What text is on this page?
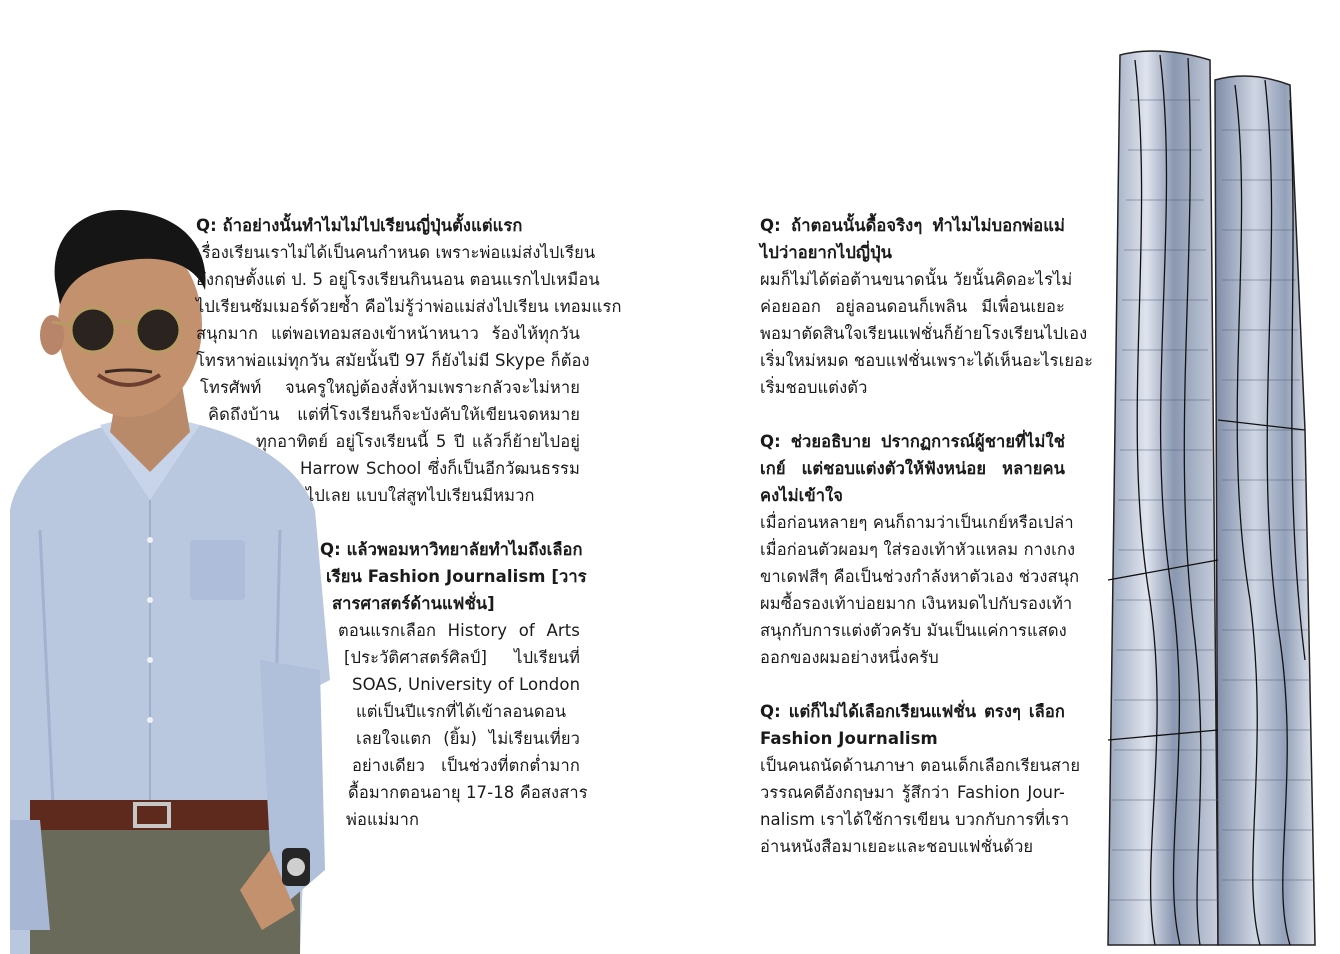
Q: ถ้าอย่างนั้นทำไมไม่ไปเรียนญี่ปุ่นตั้งแต่แรก
เรื่องเรียนเราไม่ได้เป็นคนกำหนด เพราะพ่อแม่ส่งไปเรียน
อังกฤษตั้งแต่ ป. 5 อยู่โรงเรียนกินนอน ตอนแรกไปเหมือน
ไปเรียนซัมเมอร์ด้วยซ้ำ คือไม่รู้ว่าพ่อแม่ส่งไปเรียน เทอมแรก
สนุกมาก แต่พอเทอมสองเข้าหน้าหนาว ร้องไห้ทุกวัน
โทรหาพ่อแม่ทุกวัน สมัยนั้นปี 97 ก็ยังไม่มี Skype ก็ต้อง
โทรศัพท์ จนครูใหญ่ต้องสั่งห้ามเพราะกลัวจะไม่หาย
คิดถึงบ้าน แต่ที่โรงเรียนก็จะบังคับให้เขียนจดหมาย
ทุกอาทิตย์ อยู่โรงเรียนนี้ 5 ปี แล้วก็ย้ายไปอยู่
Harrow School ซึ่งก็เป็นอีกวัฒนธรรม
ไปเลย แบบใส่สูทไปเรียนมีหมวก
Q: แล้วพอมหาวิทยาลัยทำไมถึงเลือก
เรียน Fashion Journalism [วาร
สารศาสตร์ด้านแฟชั่น]
ตอนแรกเลือก History of Arts
[ประวัติศาสตร์ศิลป์] ไปเรียนที่
SOAS, University of London
แต่เป็นปีแรกที่ได้เข้าลอนดอน
เลยใจแตก (ยิ้ม) ไม่เรียนเที่ยว
อย่างเดียว เป็นช่วงที่ตกต่ำมาก
ดื้อมากตอนอายุ 17-18 คือสงสาร
พ่อแม่มาก
Q: ถ้าตอนนั้นดื้อจริงๆ ทำไมไม่บอกพ่อแม่
ไปว่าอยากไปญี่ปุ่น
ผมก็ไม่ได้ต่อต้านขนาดนั้น วัยนั้นคิดอะไรไม่
ค่อยออก อยู่ลอนดอนก็เพลิน มีเพื่อนเยอะ
พอมาตัดสินใจเรียนแฟชั่นก็ย้ายโรงเรียนไปเอง
เริ่มใหม่หมด ชอบแฟชั่นเพราะได้เห็นอะไรเยอะ
เริ่มชอบแต่งตัว
Q: ช่วยอธิบาย ปรากฏการณ์ผู้ชายที่ไม่ใช่
เกย์ แต่ชอบแต่งตัวให้ฟังหน่อย หลายคน
คงไม่เข้าใจ
เมื่อก่อนหลายๆ คนก็ถามว่าเป็นเกย์หรือเปล่า
เมื่อก่อนตัวผอมๆ ใส่รองเท้าหัวแหลม กางเกง
ขาเดฟสีๆ คือเป็นช่วงกำลังหาตัวเอง ช่วงสนุก
ผมซื้อรองเท้าบ่อยมาก เงินหมดไปกับรองเท้า
สนุกกับการแต่งตัวครับ มันเป็นแค่การแสดง
ออกของผมอย่างหนึ่งครับ
Q: แต่ก็ไม่ได้เลือกเรียนแฟชั่น ตรงๆ เลือก
Fashion Journalism
เป็นคนถนัดด้านภาษา ตอนเด็กเลือกเรียนสาย
วรรณคดีอังกฤษมา รู้สึกว่า Fashion Jour-
nalism เราได้ใช้การเขียน บวกกับการที่เรา
อ่านหนังสือมาเยอะและชอบแฟชั่นด้วย
